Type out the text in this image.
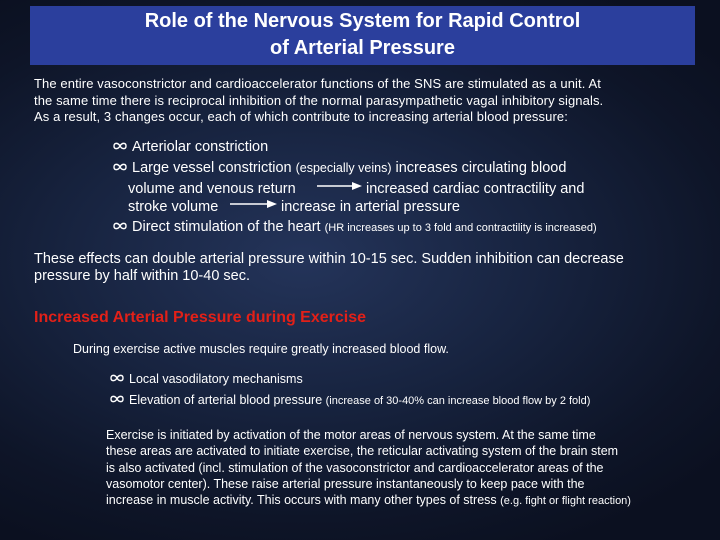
Role of the Nervous System for Rapid Control
of Arterial Pressure
The entire vasoconstrictor and cardioaccelerator functions of the SNS are stimulated as a unit. At
the same time there is reciprocal inhibition of the normal parasympathetic vagal inhibitory signals.
As a result, 3 changes occur, each of which contribute to increasing arterial blood pressure:
Arteriolar constriction
Large vessel constriction (especially veins) increases circulating blood
volume and venous return	increased cardiac contractility and
stroke volume	increase in arterial pressure
Direct stimulation of the heart (HR increases up to 3 fold and contractility is increased)
These effects can double arterial pressure within 10-15 sec. Sudden inhibition can decrease
pressure by half within 10-40 sec.
Increased Arterial Pressure during Exercise
During exercise active muscles require greatly increased blood flow.
Local vasodilatory mechanisms
Elevation of arterial blood pressure (increase of 30-40% can increase blood flow by 2 fold)
Exercise is initiated by activation of the motor areas of nervous system. At the same time
these areas are activated to initiate exercise, the reticular activating system of the brain stem
is also activated (incl. stimulation of the vasoconstrictor and cardioaccelerator areas of the
vasomotor center). These raise arterial pressure instantaneously to keep pace with the
increase in muscle activity. This occurs with many other types of stress (e.g. fight or flight reaction)
